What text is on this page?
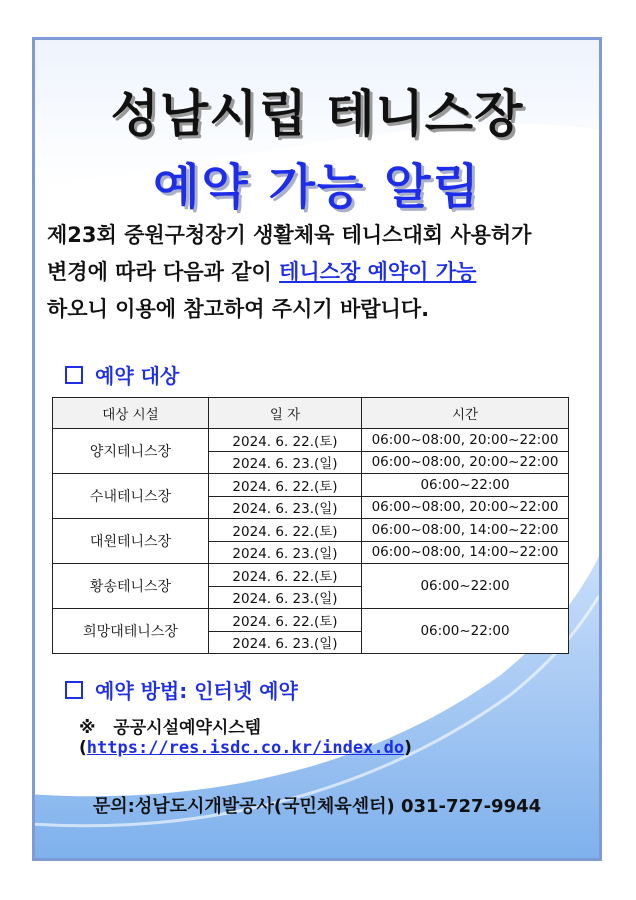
성남시립 테니스장
예약 가능 알림
제23회 중원구청장기 생활체육 테니스대회 사용허가
변경에 따라 다음과 같이 테니스장 예약이 가능
하오니 이용에 참고하여 주시기 바랍니다.
예약 대상
대상 시설	일 자	시간
양지테니스장	2024. 6. 22.(토)	06:00~08:00, 20:00~22:00
	2024. 6. 23.(일)	06:00~08:00, 20:00~22:00
수내테니스장	2024. 6. 22.(토)	06:00~22:00
	2024. 6. 23.(일)	06:00~08:00, 20:00~22:00
대원테니스장	2024. 6. 22.(토)	06:00~08:00, 14:00~22:00
	2024. 6. 23.(일)	06:00~08:00, 14:00~22:00
황송테니스장	2024. 6. 22.(토)	06:00~22:00
	2024. 6. 23.(일)	
희망대테니스장	2024. 6. 22.(토)	06:00~22:00
	2024. 6. 23.(일)	
예약 방법: 인터넷 예약
※ 공공시설예약시스템 (https://res.isdc.co.kr/index.do)
문의:성남도시개발공사(국민체육센터) 031-727-9944
